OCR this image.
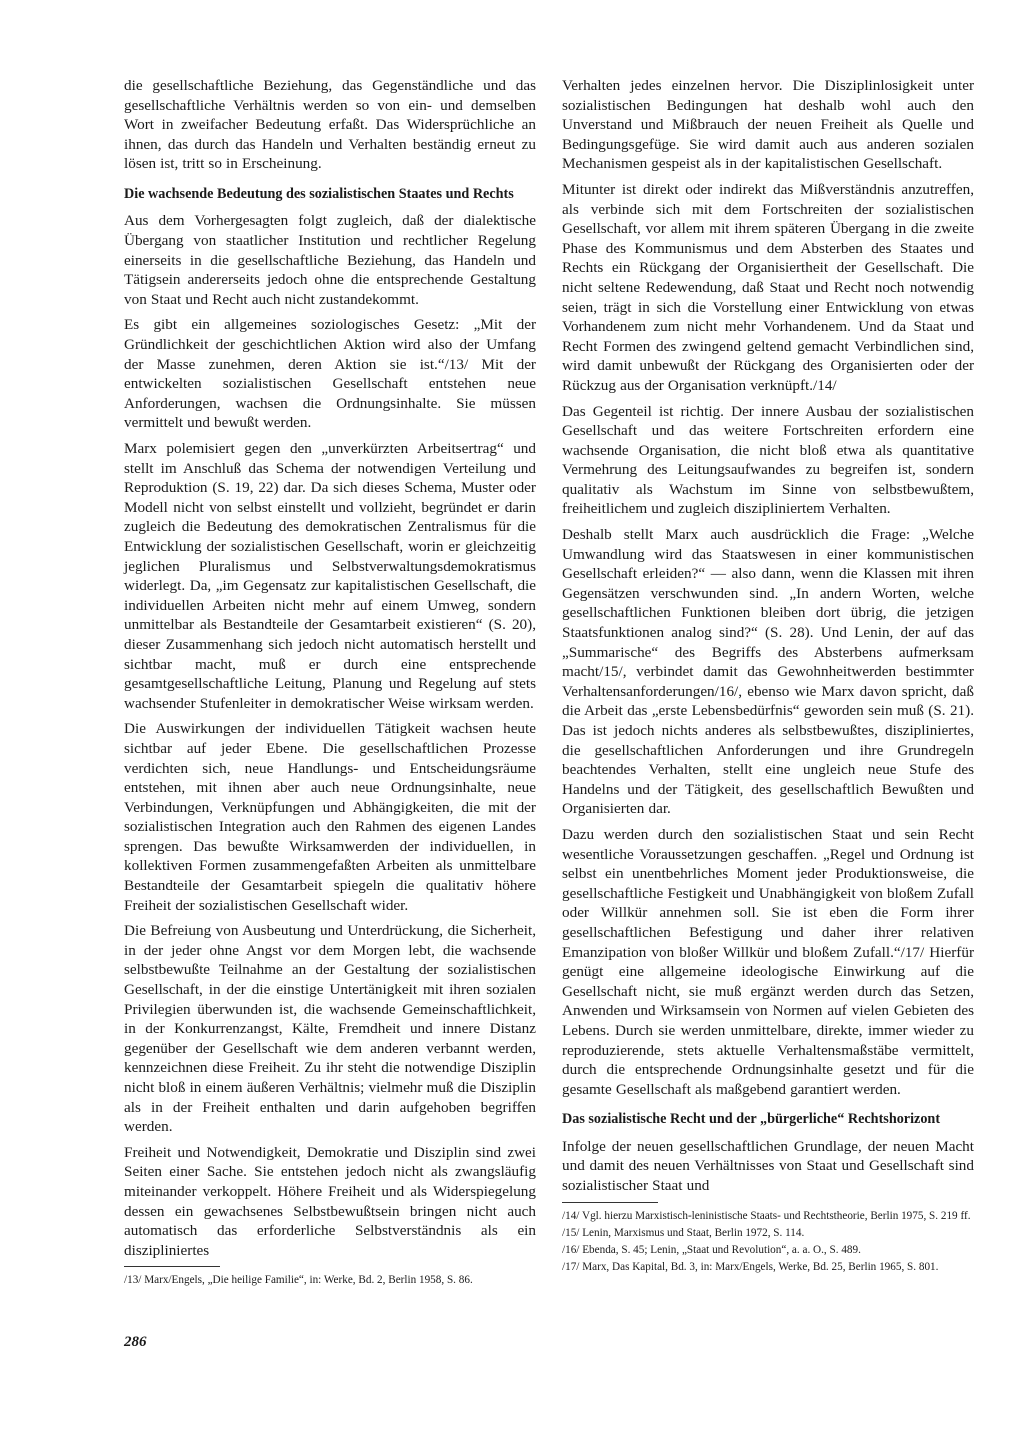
die gesellschaftliche Beziehung, das Gegenständliche und das gesellschaftliche Verhältnis werden so von ein- und demselben Wort in zweifacher Bedeutung erfaßt. Das Widersprüchliche an ihnen, das durch das Handeln und Verhalten beständig erneut zu lösen ist, tritt so in Erscheinung.

Die wachsende Bedeutung des sozialistischen Staates und Rechts

Aus dem Vorhergesagten folgt zugleich, daß der dialektische Übergang von staatlicher Institution und rechtlicher Regelung einerseits in die gesellschaftliche Beziehung, das Handeln und Tätigsein andererseits jedoch ohne die entsprechende Gestaltung von Staat und Recht auch nicht zustandekommt.

Es gibt ein allgemeines soziologisches Gesetz: „Mit der Gründlichkeit der geschichtlichen Aktion wird also der Umfang der Masse zunehmen, deren Aktion sie ist.“/13/ Mit der entwickelten sozialistischen Gesellschaft entstehen neue Anforderungen, wachsen die Ordnungsinhalte. Sie müssen vermittelt und bewußt werden.

Marx polemisiert gegen den „unverkürzten Arbeitsertrag“ und stellt im Anschluß das Schema der notwendigen Verteilung und Reproduktion (S. 19, 22) dar. Da sich dieses Schema, Muster oder Modell nicht von selbst einstellt und vollzieht, begründet er darin zugleich die Bedeutung des demokratischen Zentralismus für die Entwicklung der sozialistischen Gesellschaft, worin er gleichzeitig jeglichen Pluralismus und Selbstverwaltungsdemokratismus widerlegt. Da, „im Gegensatz zur kapitalistischen Gesellschaft, die individuellen Arbeiten nicht mehr auf einem Umweg, sondern unmittelbar als Bestandteile der Gesamtarbeit existieren“ (S. 20), dieser Zusammenhang sich jedoch nicht automatisch herstellt und sichtbar macht, muß er durch eine entsprechende gesamtgesellschaftliche Leitung, Planung und Regelung auf stets wachsender Stufenleiter in demokratischer Weise wirksam werden.

Die Auswirkungen der individuellen Tätigkeit wachsen heute sichtbar auf jeder Ebene. Die gesellschaftlichen Prozesse verdichten sich, neue Handlungs- und Entscheidungsräume entstehen, mit ihnen aber auch neue Ordnungsinhalte, neue Verbindungen, Verknüpfungen und Abhängigkeiten, die mit der sozialistischen Integration auch den Rahmen des eigenen Landes sprengen. Das bewußte Wirksamwerden der individuellen, in kollektiven Formen zusammengefaßten Arbeiten als unmittelbare Bestandteile der Gesamtarbeit spiegeln die qualitativ höhere Freiheit der sozialistischen Gesellschaft wider.

Die Befreiung von Ausbeutung und Unterdrückung, die Sicherheit, in der jeder ohne Angst vor dem Morgen lebt, die wachsende selbstbewußte Teilnahme an der Gestaltung der sozialistischen Gesellschaft, in der die einstige Untertänigkeit mit ihren sozialen Privilegien überwunden ist, die wachsende Gemeinschaftlichkeit, in der Konkurrenzangst, Kälte, Fremdheit und innere Distanz gegenüber der Gesellschaft wie dem anderen verbannt werden, kennzeichnen diese Freiheit. Zu ihr steht die notwendige Disziplin nicht bloß in einem äußeren Verhältnis; vielmehr muß die Disziplin als in der Freiheit enthalten und darin aufgehoben begriffen werden.

Freiheit und Notwendigkeit, Demokratie und Disziplin sind zwei Seiten einer Sache. Sie entstehen jedoch nicht als zwangsläufig miteinander verkoppelt. Höhere Freiheit und als Widerspiegelung dessen ein gewachsenes Selbstbewußtsein bringen nicht auch automatisch das erforderliche Selbstverständnis als ein diszipliniertes

/13/ Marx/Engels, „Die heilige Familie“, in: Werke, Bd. 2, Berlin 1958, S. 86.

Verhalten jedes einzelnen hervor. Die Disziplinlosigkeit unter sozialistischen Bedingungen hat deshalb wohl auch den Unverstand und Mißbrauch der neuen Freiheit als Quelle und Bedingungsgefüge. Sie wird damit auch aus anderen sozialen Mechanismen gespeist als in der kapitalistischen Gesellschaft.

Mitunter ist direkt oder indirekt das Mißverständnis anzutreffen, als verbinde sich mit dem Fortschreiten der sozialistischen Gesellschaft, vor allem mit ihrem späteren Übergang in die zweite Phase des Kommunismus und dem Absterben des Staates und Rechts ein Rückgang der Organisiertheit der Gesellschaft. Die nicht seltene Redewendung, daß Staat und Recht noch notwendig seien, trägt in sich die Vorstellung einer Entwicklung von etwas Vorhandenem zum nicht mehr Vorhandenem. Und da Staat und Recht Formen des zwingend geltend gemacht Verbindlichen sind, wird damit unbewußt der Rückgang des Organisierten oder der Rückzug aus der Organisation verknüpft./14/

Das Gegenteil ist richtig. Der innere Ausbau der sozialistischen Gesellschaft und das weitere Fortschreiten erfordern eine wachsende Organisation, die nicht bloß etwa als quantitative Vermehrung des Leitungsaufwandes zu begreifen ist, sondern qualitativ als Wachstum im Sinne von selbstbewußtem, freiheitlichem und zugleich diszipliniertem Verhalten.

Deshalb stellt Marx auch ausdrücklich die Frage: „Welche Umwandlung wird das Staatswesen in einer kommunistischen Gesellschaft erleiden?“ — also dann, wenn die Klassen mit ihren Gegensätzen verschwunden sind. „In andern Worten, welche gesellschaftlichen Funktionen bleiben dort übrig, die jetzigen Staatsfunktionen analog sind?“ (S. 28). Und Lenin, der auf das „Summarische“ des Begriffs des Absterbens aufmerksam macht/15/, verbindet damit das Gewohnheitwerden bestimmter Verhaltensanforderungen/16/, ebenso wie Marx davon spricht, daß die Arbeit das „erste Lebensbedürfnis“ geworden sein muß (S. 21). Das ist jedoch nichts anderes als selbstbewußtes, diszipliniertes, die gesellschaftlichen Anforderungen und ihre Grundregeln beachtendes Verhalten, stellt eine ungleich neue Stufe des Handelns und der Tätigkeit, des gesellschaftlich Bewußten und Organisierten dar.

Dazu werden durch den sozialistischen Staat und sein Recht wesentliche Voraussetzungen geschaffen. „Regel und Ordnung ist selbst ein unentbehrliches Moment jeder Produktionsweise, die gesellschaftliche Festigkeit und Unabhängigkeit von bloßem Zufall oder Willkür annehmen soll. Sie ist eben die Form ihrer gesellschaftlichen Befestigung und daher ihrer relativen Emanzipation von bloßer Willkür und bloßem Zufall.“/17/ Hierfür genügt eine allgemeine ideologische Einwirkung auf die Gesellschaft nicht, sie muß ergänzt werden durch das Setzen, Anwenden und Wirksamsein von Normen auf vielen Gebieten des Lebens. Durch sie werden unmittelbare, direkte, immer wieder zu reproduzierende, stets aktuelle Verhaltensmaßstäbe vermittelt, durch die entsprechende Ordnungsinhalte gesetzt und für die gesamte Gesellschaft als maßgebend garantiert werden.

Das sozialistische Recht und der „bürgerliche“ Rechtshorizont

Infolge der neuen gesellschaftlichen Grundlage, der neuen Macht und damit des neuen Verhältnisses von Staat und Gesellschaft sind sozialistischer Staat und

/14/ Vgl. hierzu Marxistisch-leninistische Staats- und Rechtstheorie, Berlin 1975, S. 219 ff.

/15/ Lenin, Marxismus und Staat, Berlin 1972, S. 114.

/16/ Ebenda, S. 45; Lenin, „Staat und Revolution“, a. a. O., S. 489.

/17/ Marx, Das Kapital, Bd. 3, in: Marx/Engels, Werke, Bd. 25, Berlin 1965, S. 801.

286
